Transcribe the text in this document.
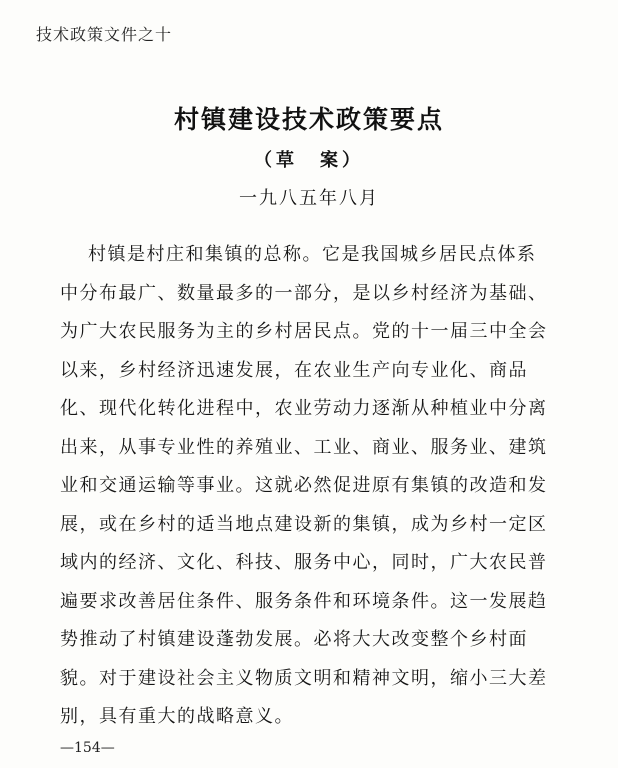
技术政策文件之十
村镇建设技术政策要点
（草　案）
一九八五年八月
村镇是村庄和集镇的总称。它是我国城乡居民点体系
中分布最广、数量最多的一部分，是以乡村经济为基础、
为广大农民服务为主的乡村居民点。党的十一届三中全会
以来，乡村经济迅速发展，在农业生产向专业化、商品
化、现代化转化进程中，农业劳动力逐渐从种植业中分离
出来，从事专业性的养殖业、工业、商业、服务业、建筑
业和交通运输等事业。这就必然促进原有集镇的改造和发
展，或在乡村的适当地点建设新的集镇，成为乡村一定区
域内的经济、文化、科技、服务中心，同时，广大农民普
遍要求改善居住条件、服务条件和环境条件。这一发展趋
势推动了村镇建设蓬勃发展。必将大大改变整个乡村面
貌。对于建设社会主义物质文明和精神文明，缩小三大差
别，具有重大的战略意义。
—154—
